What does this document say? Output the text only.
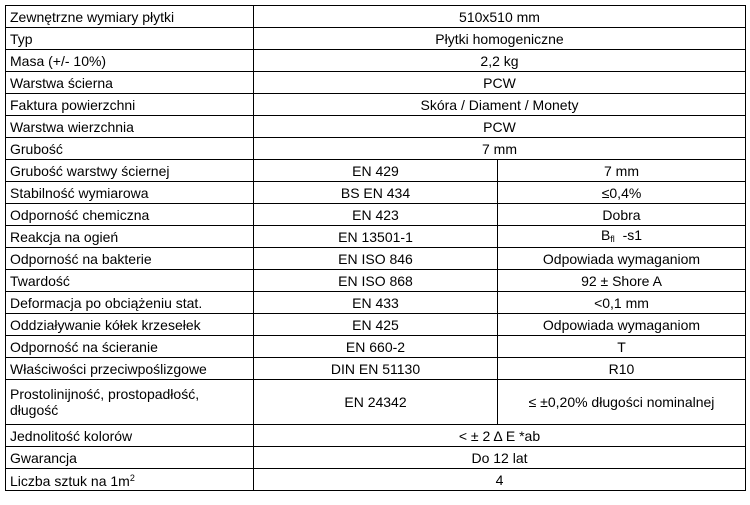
Zewnętrzne wymiary płytki	510x510 mm	
Typ	Płytki homogeniczne	
Masa (+/- 10%)	2,2 kg	
Warstwa ścierna	PCW	
Faktura powierzchni	Skóra / Diament / Monety	
Warstwa wierzchnia	PCW	
Grubość	7 mm	
Grubość warstwy ściernej	EN 429	7 mm
Stabilność wymiarowa	BS EN 434	≤0,4%
Odporność chemiczna	EN 423	Dobra
Reakcja na ogień	EN 13501-1	$B_{fl}$ -s1
Odporność na bakterie	EN ISO 846	Odpowiada wymaganiom
Twardość	EN ISO 868	92 ± Shore A
Deformacja po obciążeniu stat.	EN 433	<0,1 mm
Oddziaływanie kółek krzesełek	EN 425	Odpowiada wymaganiom
Odporność na ścieranie	EN 660-2	T
Właściwości przeciwpoślizgowe	DIN EN 51130	R10
Prostolinijność, prostopadłość, długość	EN 24342	≤ ±0,20% długości nominalnej
Jednolitość kolorów	< ± 2 Δ E *ab	
Gwarancja	Do 12 lat	
Liczba sztuk na $1m^2$	4	
